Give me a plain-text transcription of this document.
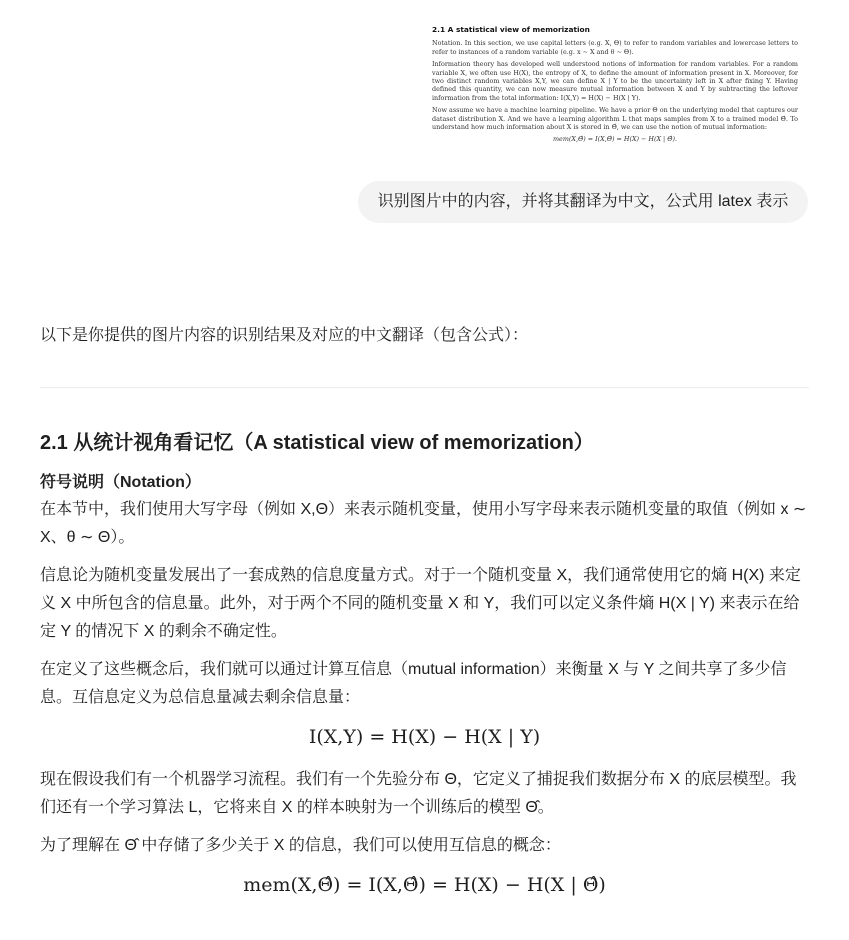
2.1 A statistical view of memorization
Notation. In this section, we use capital letters (e.g. X, Θ) to refer to random variables and lowercase letters to refer to instances of a random variable (e.g. x ∼ X and θ ∼ Θ).
Information theory has developed well understood notions of information for random variables. For a random variable X, we often use H(X), the entropy of X, to define the amount of information present in X. Moreover, for two distinct random variables X,Y, we can define X | Y to be the uncertainty left in X after fixing Y. Having defined this quantity, we can now measure mutual information between X and Y by subtracting the leftover information from the total information: I(X,Y) = H(X) − H(X | Y).
Now assume we have a machine learning pipeline. We have a prior Θ on the underlying model that captures our dataset distribution X. And we have a learning algorithm L that maps samples from X to a trained model Θ̂. To understand how much information about X is stored in Θ̂, we can use the notion of mutual information:
mem(X,Θ̂) = I(X,Θ̂) = H(X) − H(X | Θ̂).
识别图片中的内容，并将其翻译为中文，公式用 latex 表示

以下是你提供的图片内容的识别结果及对应的中文翻译（包含公式）：

2.1 从统计视角看记忆（A statistical view of memorization）
符号说明（Notation）

在本节中，我们使用大写字母（例如 X,Θ）来表示随机变量，使用小写字母来表示随机变量的取值（例如 x ∼ X、θ ∼ Θ）。

信息论为随机变量发展出了一套成熟的信息度量方式。对于一个随机变量 X，我们通常使用它的熵 H(X) 来定义 X 中所包含的信息量。此外，对于两个不同的随机变量 X 和 Y，我们可以定义条件熵 H(X | Y) 来表示在给定 Y 的情况下 X 的剩余不确定性。

在定义了这些概念后，我们就可以通过计算互信息（mutual information）来衡量 X 与 Y 之间共享了多少信息。互信息定义为总信息量减去剩余信息量：

I(X,Y) = H(X) − H(X | Y)

现在假设我们有一个机器学习流程。我们有一个先验分布 Θ，它定义了捕捉我们数据分布 X 的底层模型。我们还有一个学习算法 L，它将来自 X 的样本映射为一个训练后的模型 Θ̂。

为了理解在 Θ̂ 中存储了多少关于 X 的信息，我们可以使用互信息的概念：

mem(X,Θ̂) = I(X,Θ̂) = H(X) − H(X | Θ̂)
